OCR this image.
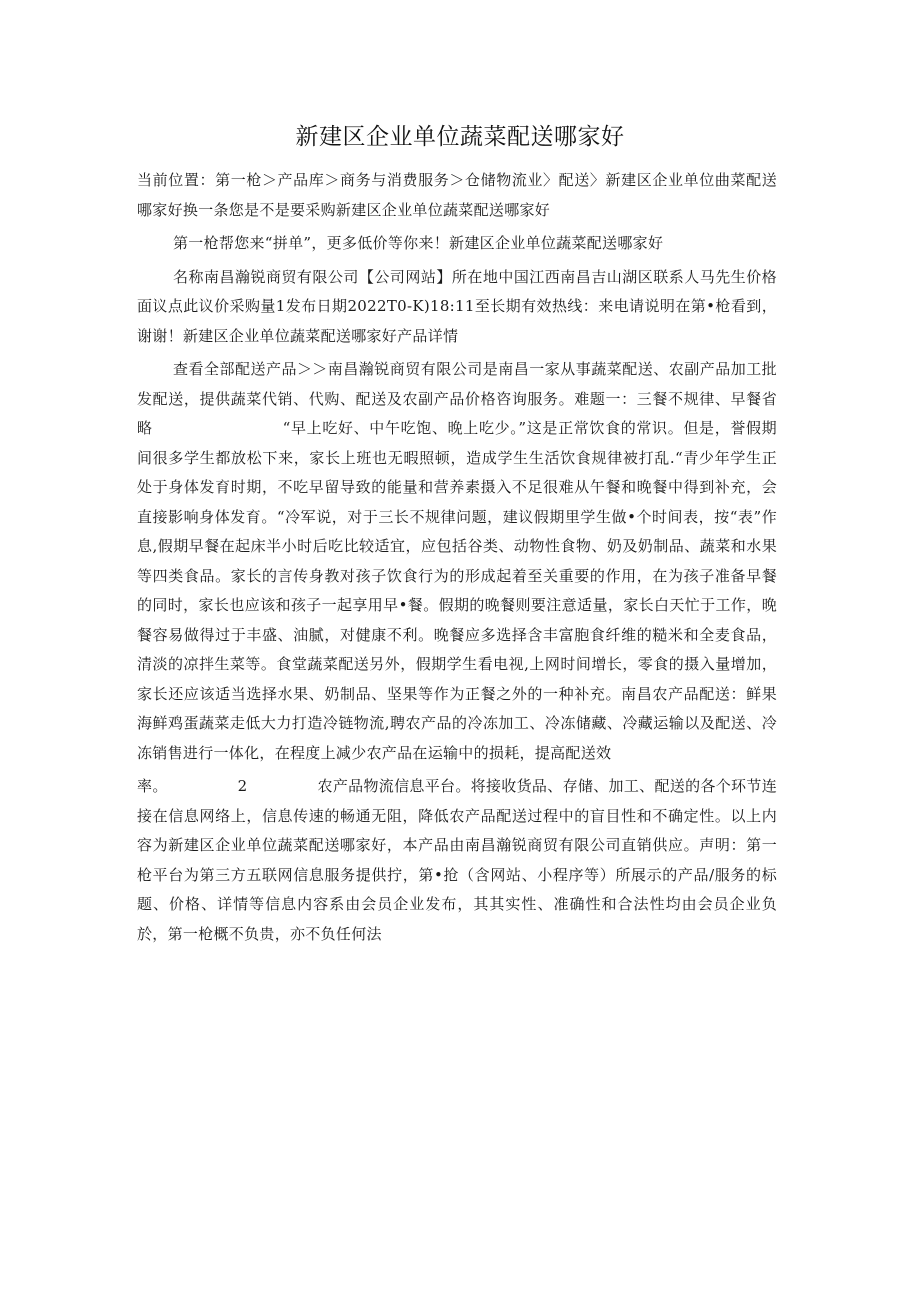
新建区企业单位蔬菜配送哪家好

当前位置：第一枪＞产品库＞商务与消费服务＞仓储物流业〉配送〉新建区企业单位曲菜配送哪家好换一条您是不是要采购新建区企业单位蔬菜配送哪家好

第一枪帮您来“拼单”，更多低价等你来！新建区企业单位蔬菜配送哪家好

名称南昌瀚锐商贸有限公司【公司网站】所在地中国江西南昌吉山湖区联系人马先生价格面议点此议价采购量1发布日期2022T0-K)18:11至长期有效热线：来电请说明在第•枪看到，谢谢！新建区企业单位蔬菜配送哪家好产品详情

查看全部配送产品＞＞南昌瀚锐商贸有限公司是南昌一家从事蔬菜配送、农副产品加工批发配送，提供蔬菜代销、代购、配送及农副产品价格咨询服务。难题一：三餐不规律、早餐省略	“早上吃好、中午吃饱、晚上吃少。”这是正常饮食的常识。但是，誉假期间很多学生都放松下来，家长上班也无暇照顿，造成学生生活饮食规律被打乱.“青少年学生正处于身体发育时期，不吃早留导致的能量和营养素摄入不足很难从午餐和晚餐中得到补充，会直接影响身体发育。“冷军说，对于三长不规律问题，建议假期里学生做•个时间表，按“表”作息,假期早餐在起床半小时后吃比较适宜，应包括谷类、动物性食物、奶及奶制品、蔬菜和水果等四类食品。家长的言传身教对孩子饮食行为的形成起着至关重要的作用，在为孩子准备早餐的同时，家长也应该和孩子一起享用早•餐。假期的晚餐则要注意适量，家长白天忙于工作，晚餐容易做得过于丰盛、油腻，对健康不利。晚餐应多选择含丰富胞食纤维的糙米和全麦食品，清淡的凉拌生菜等。食堂蔬菜配送另外，假期学生看电视,上网时间增长，零食的摄入量增加，家长还应该适当选择水果、奶制品、坚果等作为正餐之外的一种补充。南昌农产品配送：鲜果海鲜鸡蛋蔬菜走低大力打造冷链物流,聘农产品的冷冻加工、冷冻储藏、冷藏运输以及配送、冷冻销售进行一体化，在程度上减少农产品在运输中的损耗，提高配送效

率。	2	农产品物流信息平台。将接收货品、存储、加工、配送的各个环节连接在信息网络上，信息传速的畅通无阻，降低农产品配送过程中的盲目性和不确定性。以上内容为新建区企业单位蔬菜配送哪家好，本产品由南昌瀚锐商贸有限公司直销供应。声明：第一枪平台为第三方五联网信息服务提供拧，第•抢（含网站、小程序等）所展示的产品/服务的标题、价格、详情等信息内容系由会员企业发布，其其实性、准确性和合法性均由会员企业负於，第一枪概不负贵，亦不负任何法
